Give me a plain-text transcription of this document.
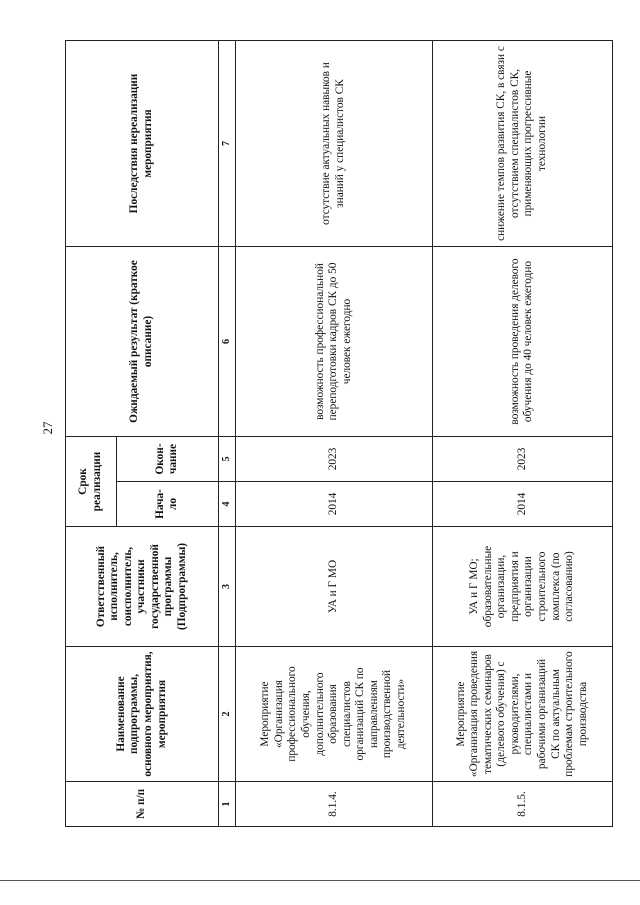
27
№ п/п	Наименование подпрограммы, основного мероприятия, мероприятия	Ответственный исполнитель, соисполнитель, участники государственной программы (Подпрограммы)	Срок реализации		Ожидаемый результат (краткое описание)	Последствия нереализации мероприятия
			Нача-ло	Окон-чание		
1	2	3	4	5	6	7
8.1.4.	Мероприятие «Организация профессионального обучения, дополнительного образования специалистов организаций СК по направлениям производственной деятельности»	УА и Г МО	2014	2023	возможность профессиональной переподготовки кадров СК до 50 человек ежегодно	отсутствие актуальных навыков и знаний у специалистов СК
8.1.5.	Мероприятие «Организация проведения тематических семинаров (делевого обучения) с руководителями, специалистами и рабочими организаций СК по актуальным проблемам строительного производства	УА и Г МО; образовательные организации, предприятия и организации строительного комплекса (по согласованию)	2014	2023	возможность проведения делевого обучения до 40 человек ежегодно	снижение темпов развития СК, в связи с отсутствием специалистов СК, применяющих прогрессивные технологии
